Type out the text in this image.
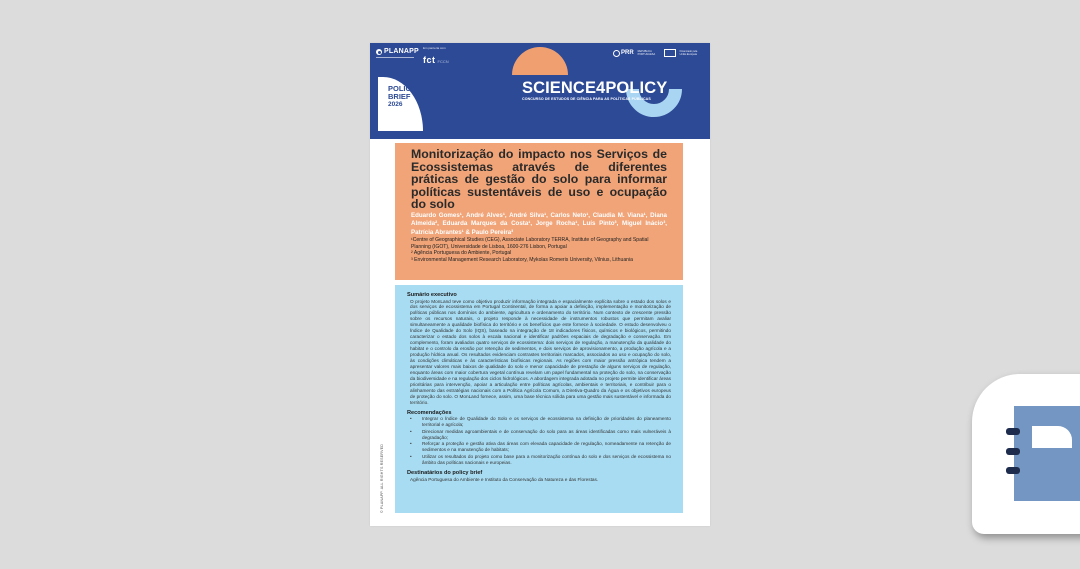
PLANAPP Em parceria com
fct FCCN
PRR REPÚBLICA PORTUGUESA
Financiado pela União Europeia
POLICY
BRIEF
2026
SCIENCE4POLICY
CONCURSO DE ESTUDOS DE CIÊNCIA PARA AS POLÍTICAS PÚBLICAS

Monitorização do impacto nos Serviços de Ecossistemas através de diferentes práticas de gestão do solo para informar políticas sustentáveis de uso e ocupação do solo

Eduardo Gomes¹, André Alves¹, André Silva¹, Carlos Neto¹, Claudia M. Viana¹, Diana Almeida², Eduarda Marques da Costa¹, Jorge Rocha¹, Luís Pinto³, Miguel Inácio³, Patrícia Abrantes¹ & Paulo Pereira³
¹Centre of Geographical Studies (CEG), Associate Laboratory TERRA, Institute of Geography and Spatial Planning (IGOT), Universidade de Lisboa, 1600-276 Lisbon, Portugal
² Agência Portuguesa do Ambiente, Portugal
³ Environmental Management Research Laboratory, Mykolas Romeris University, Vilnius, Lithuania
Sumário executivo

O projeto MonLand teve como objetivo produzir informação integrada e espacialmente explícita sobre o estado dos solos e dos serviços de ecossistema em Portugal Continental, de forma a apoiar a definição, implementação e monitorização de políticas públicas nos domínios do ambiente, agricultura e ordenamento do território. Num contexto de crescente pressão sobre os recursos naturais, o projeto responde à necessidade de instrumentos robustos que permitam avaliar simultaneamente a qualidade biofísica do território e os benefícios que este fornece à sociedade. O estudo desenvolveu o Índice de Qualidade do Solo (IQS), baseado na integração de 18 indicadores físicos, químicos e biológicos, permitindo caracterizar o estado dos solos à escala nacional e identificar padrões espaciais de degradação e conservação. Em complemento, foram avaliados quatro serviços de ecossistema: dois serviços de regulação, a manutenção da qualidade do habitat e o controlo da erosão por retenção de sedimentos, e dois serviços de aprovisionamento, a produção agrícola e a produção hídrica anual. Os resultados evidenciam contrastes territoriais marcados, associados ao uso e ocupação do solo, às condições climáticas e às características biofísicas regionais. As regiões com maior pressão antrópica tendem a apresentar valores mais baixos de qualidade do solo e menor capacidade de prestação de alguns serviços de regulação, enquanto áreas com maior cobertura vegetal contínua revelam um papel fundamental na proteção do solo, na conservação da biodiversidade e na regulação dos ciclos hidrológicos. A abordagem integrada adotada no projeto permite identificar áreas prioritárias para intervenção, apoiar a articulação entre políticas agrícolas, ambientais e territoriais, e contribuir para o alinhamento das estratégias nacionais com a Política Agrícola Comum, a Diretiva-Quadro da Água e os objetivos europeus de proteção do solo. O MonLand fornece, assim, uma base técnica sólida para uma gestão mais sustentável e informada do território.

Recomendações
• Integrar o Índice de Qualidade do Solo e os serviços de ecossistema na definição de prioridades do planeamento territorial e agrícola;
• Direcionar medidas agroambientais e de conservação do solo para as áreas identificadas como mais vulneráveis à degradação;
• Reforçar a proteção e gestão ativa das áreas com elevada capacidade de regulação, nomeadamente na retenção de sedimentos e na manutenção de habitats;
• Utilizar os resultados do projeto como base para a monitorização contínua do solo e dos serviços de ecossistema no âmbito das políticas nacionais e europeias.
Destinatários do policy brief
Agência Portuguesa do Ambiente e Instituto da Conservação da Natureza e das Florestas.
© PLANAPP. ALL RIGHTS RESERVED
